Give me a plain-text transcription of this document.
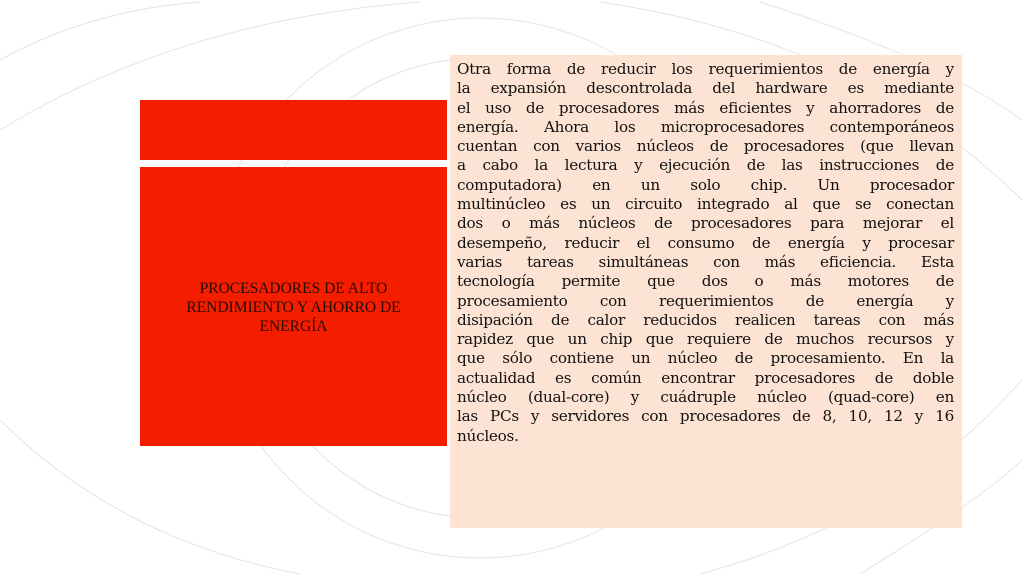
PROCESADORES DE ALTO RENDIMIENTO Y AHORRO DE ENERGÍA
Otra forma de reducir los requerimientos de energía y
la expansión descontrolada del hardware es mediante
el uso de procesadores más eficientes y ahorradores de
energía. Ahora los microprocesadores contemporáneos
cuentan con varios núcleos de procesadores (que llevan
a cabo la lectura y ejecución de las instrucciones de
computadora) en un solo chip. Un procesador
multinúcleo es un circuito integrado al que se conectan
dos o más núcleos de procesadores para mejorar el
desempeño, reducir el consumo de energía y procesar
varias tareas simultáneas con más eficiencia. Esta
tecnología permite que dos o más motores de
procesamiento con requerimientos de energía y
disipación de calor reducidos realicen tareas con más
rapidez que un chip que requiere de muchos recursos y
que sólo contiene un núcleo de procesamiento. En la
actualidad es común encontrar procesadores de doble
núcleo (dual-core) y cuádruple núcleo (quad-core) en
las PCs y servidores con procesadores de 8, 10, 12 y 16
núcleos.
